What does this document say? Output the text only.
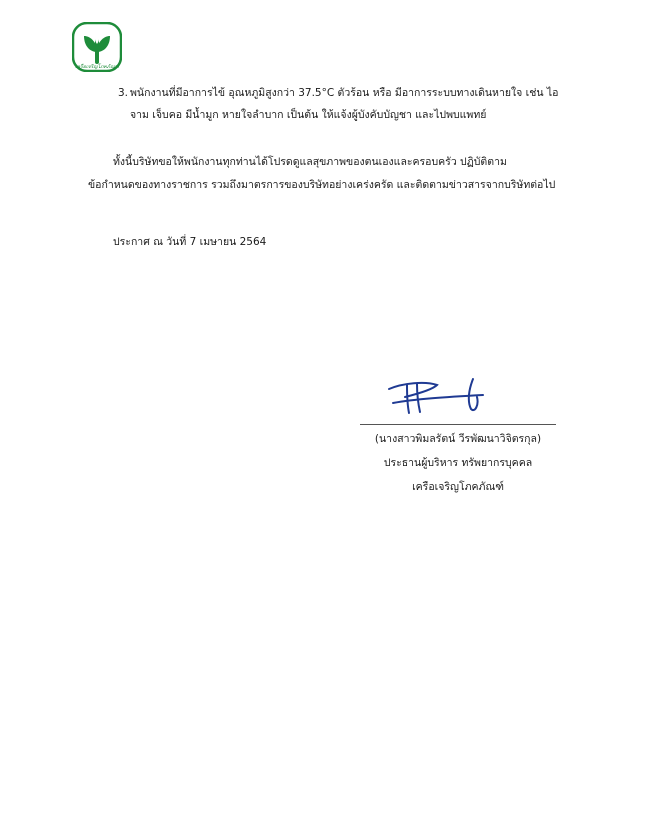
เครือเจริญโภคภัณฑ์
3. พนักงานที่มีอาการไข้ อุณหภูมิสูงกว่า 37.5°C ตัวร้อน หรือ มีอาการระบบทางเดินหายใจ เช่น ไอ
จาม เจ็บคอ มีน้ำมูก หายใจลำบาก เป็นต้น ให้แจ้งผู้บังคับบัญชา และไปพบแพทย์
ทั้งนี้บริษัทขอให้พนักงานทุกท่านได้โปรดดูแลสุขภาพของตนเองและครอบครัว ปฏิบัติตาม
ข้อกำหนดของทางราชการ รวมถึงมาตรการของบริษัทอย่างเคร่งครัด และติดตามข่าวสารจากบริษัทต่อไป
ประกาศ ณ วันที่ 7 เมษายน 2564
(นางสาวพิมลรัตน์ วีรพัฒนาวิจิตรกุล)
ประธานผู้บริหาร ทรัพยากรบุคคล
เครือเจริญโภคภัณฑ์
